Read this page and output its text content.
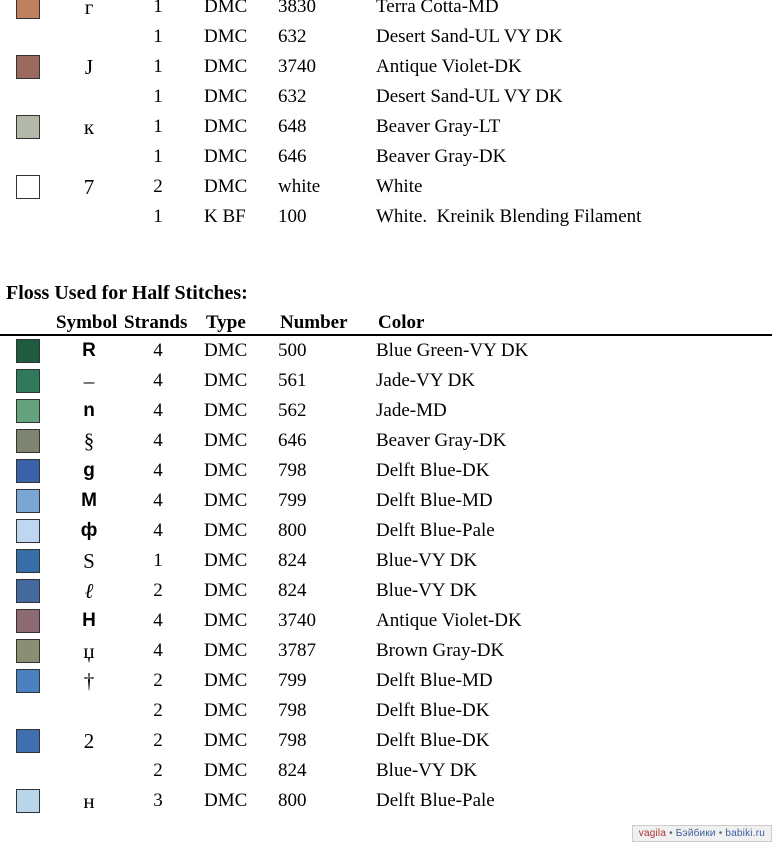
г	1	DMC	3830	Terra Cotta-MD
1	DMC	632	Desert Sand-UL VY DK
J	1	DMC	3740	Antique Violet-DK
1	DMC	632	Desert Sand-UL VY DK
к	1	DMC	648	Beaver Gray-LT
1	DMC	646	Beaver Gray-DK
7	2	DMC	white	White
1	K BF	100	White.  Kreinik Blending Filament
Floss Used for Half Stitches:
Symbol Strands Type	Number	Color
R	4	DMC	500	Blue Green-VY DK
–	4	DMC	561	Jade-VY DK
n	4	DMC	562	Jade-MD
§	4	DMC	646	Beaver Gray-DK
g	4	DMC	798	Delft Blue-DK
M	4	DMC	799	Delft Blue-MD
ф	4	DMC	800	Delft Blue-Pale
S	1	DMC	824	Blue-VY DK
ℓ	2	DMC	824	Blue-VY DK
H	4	DMC	3740	Antique Violet-DK
џ	4	DMC	3787	Brown Gray-DK
†	2	DMC	799	Delft Blue-MD
2	DMC	798	Delft Blue-DK
2	2	DMC	798	Delft Blue-DK
2	DMC	824	Blue-VY DK
н	3	DMC	800	Delft Blue-Pale
vagila • Бэйбики • babiki.ru
